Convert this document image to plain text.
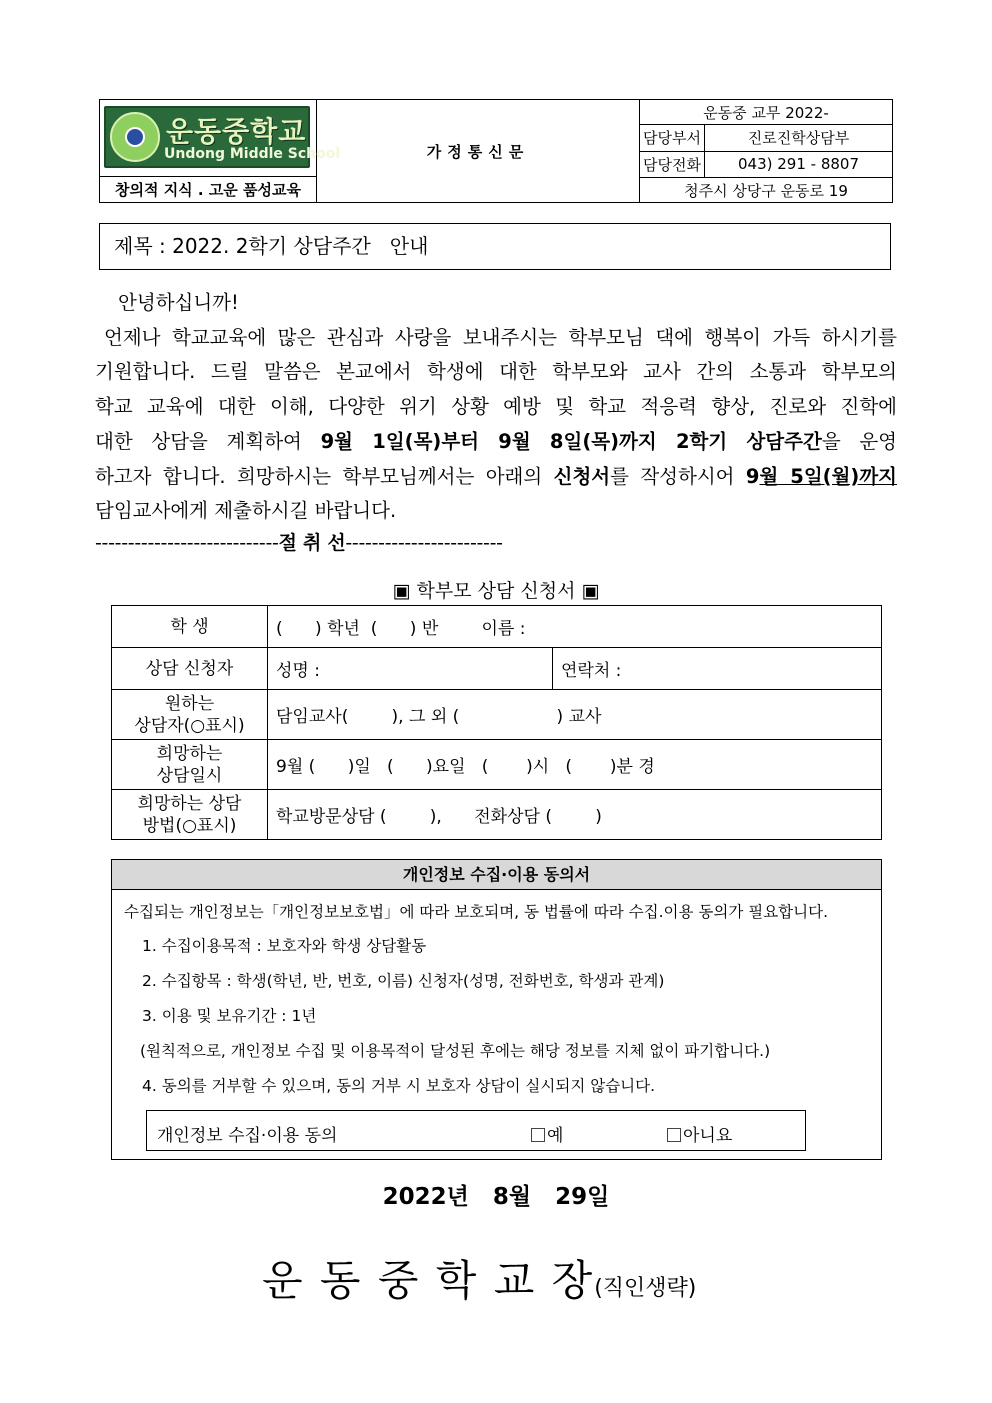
운동중학교
Undong Middle School	가정통신문	
운동중 교무 2022-
담당부서	진로진학상담부
담당전화	043) 291 - 8807
청주시 상당구 운동로 19

창의적 지식 . 고운 품성교육
제목 : 2022. 2학기 상담주간   안내
안녕하십니까!
언제나 학교교육에 많은 관심과 사랑을 보내주시는 학부모님 댁에 행복이 가득 하시기를
기원합니다. 드릴 말씀은 본교에서 학생에 대한 학부모와 교사 간의 소통과 학부모의
학교 교육에 대한 이해, 다양한 위기 상황 예방 및 학교 적응력 향상, 진로와 진학에
대한 상담을 계획하여 9월 1일(목)부터 9월 8일(목)까지 2학기 상담주간을 운영
하고자 합니다. 희망하시는 학부모님께서는 아래의 신청서를 작성하시어 9월 5일(월)까지
담임교사에게 제출하시길 바랍니다.
----------------------------절 취 선------------------------
▣ 학부모 상담 신청서 ▣
학 생	(      ) 학년  (      ) 반        이름 :	
상담 신청자	성명 :	연락처 :

원하는
상담자(○표시)	담임교사(        ), 그 외 (                  ) 교사	

희망하는
상담일시	9월 (      )일   (      )요일   (       )시   (       )분 경	

희망하는 상담
방법(○표시)	학교방문상담 (        ),      전화상담 (        )	
개인정보 수집·이용 동의서
수집되는 개인정보는「개인정보보호법」에 따라 보호되며, 동 법률에 따라 수집.이용 동의가 필요합니다.
1. 수집이용목적 : 보호자와 학생 상담활동
2. 수집항목 : 학생(학년, 반, 번호, 이름) 신청자(성명, 전화번호, 학생과 관계)
3. 이용 및 보유기간 : 1년
(원칙적으로, 개인정보 수집 및 이용목적이 달성된 후에는 해당 정보를 지체 없이 파기합니다.)
4. 동의를 거부할 수 있으며, 동의 거부 시 보호자 상담이 실시되지 않습니다.
개인정보 수집·이용 동의	예	아니요
2022년   8월   29일
운 동 중 학 교 장(직인생략)
